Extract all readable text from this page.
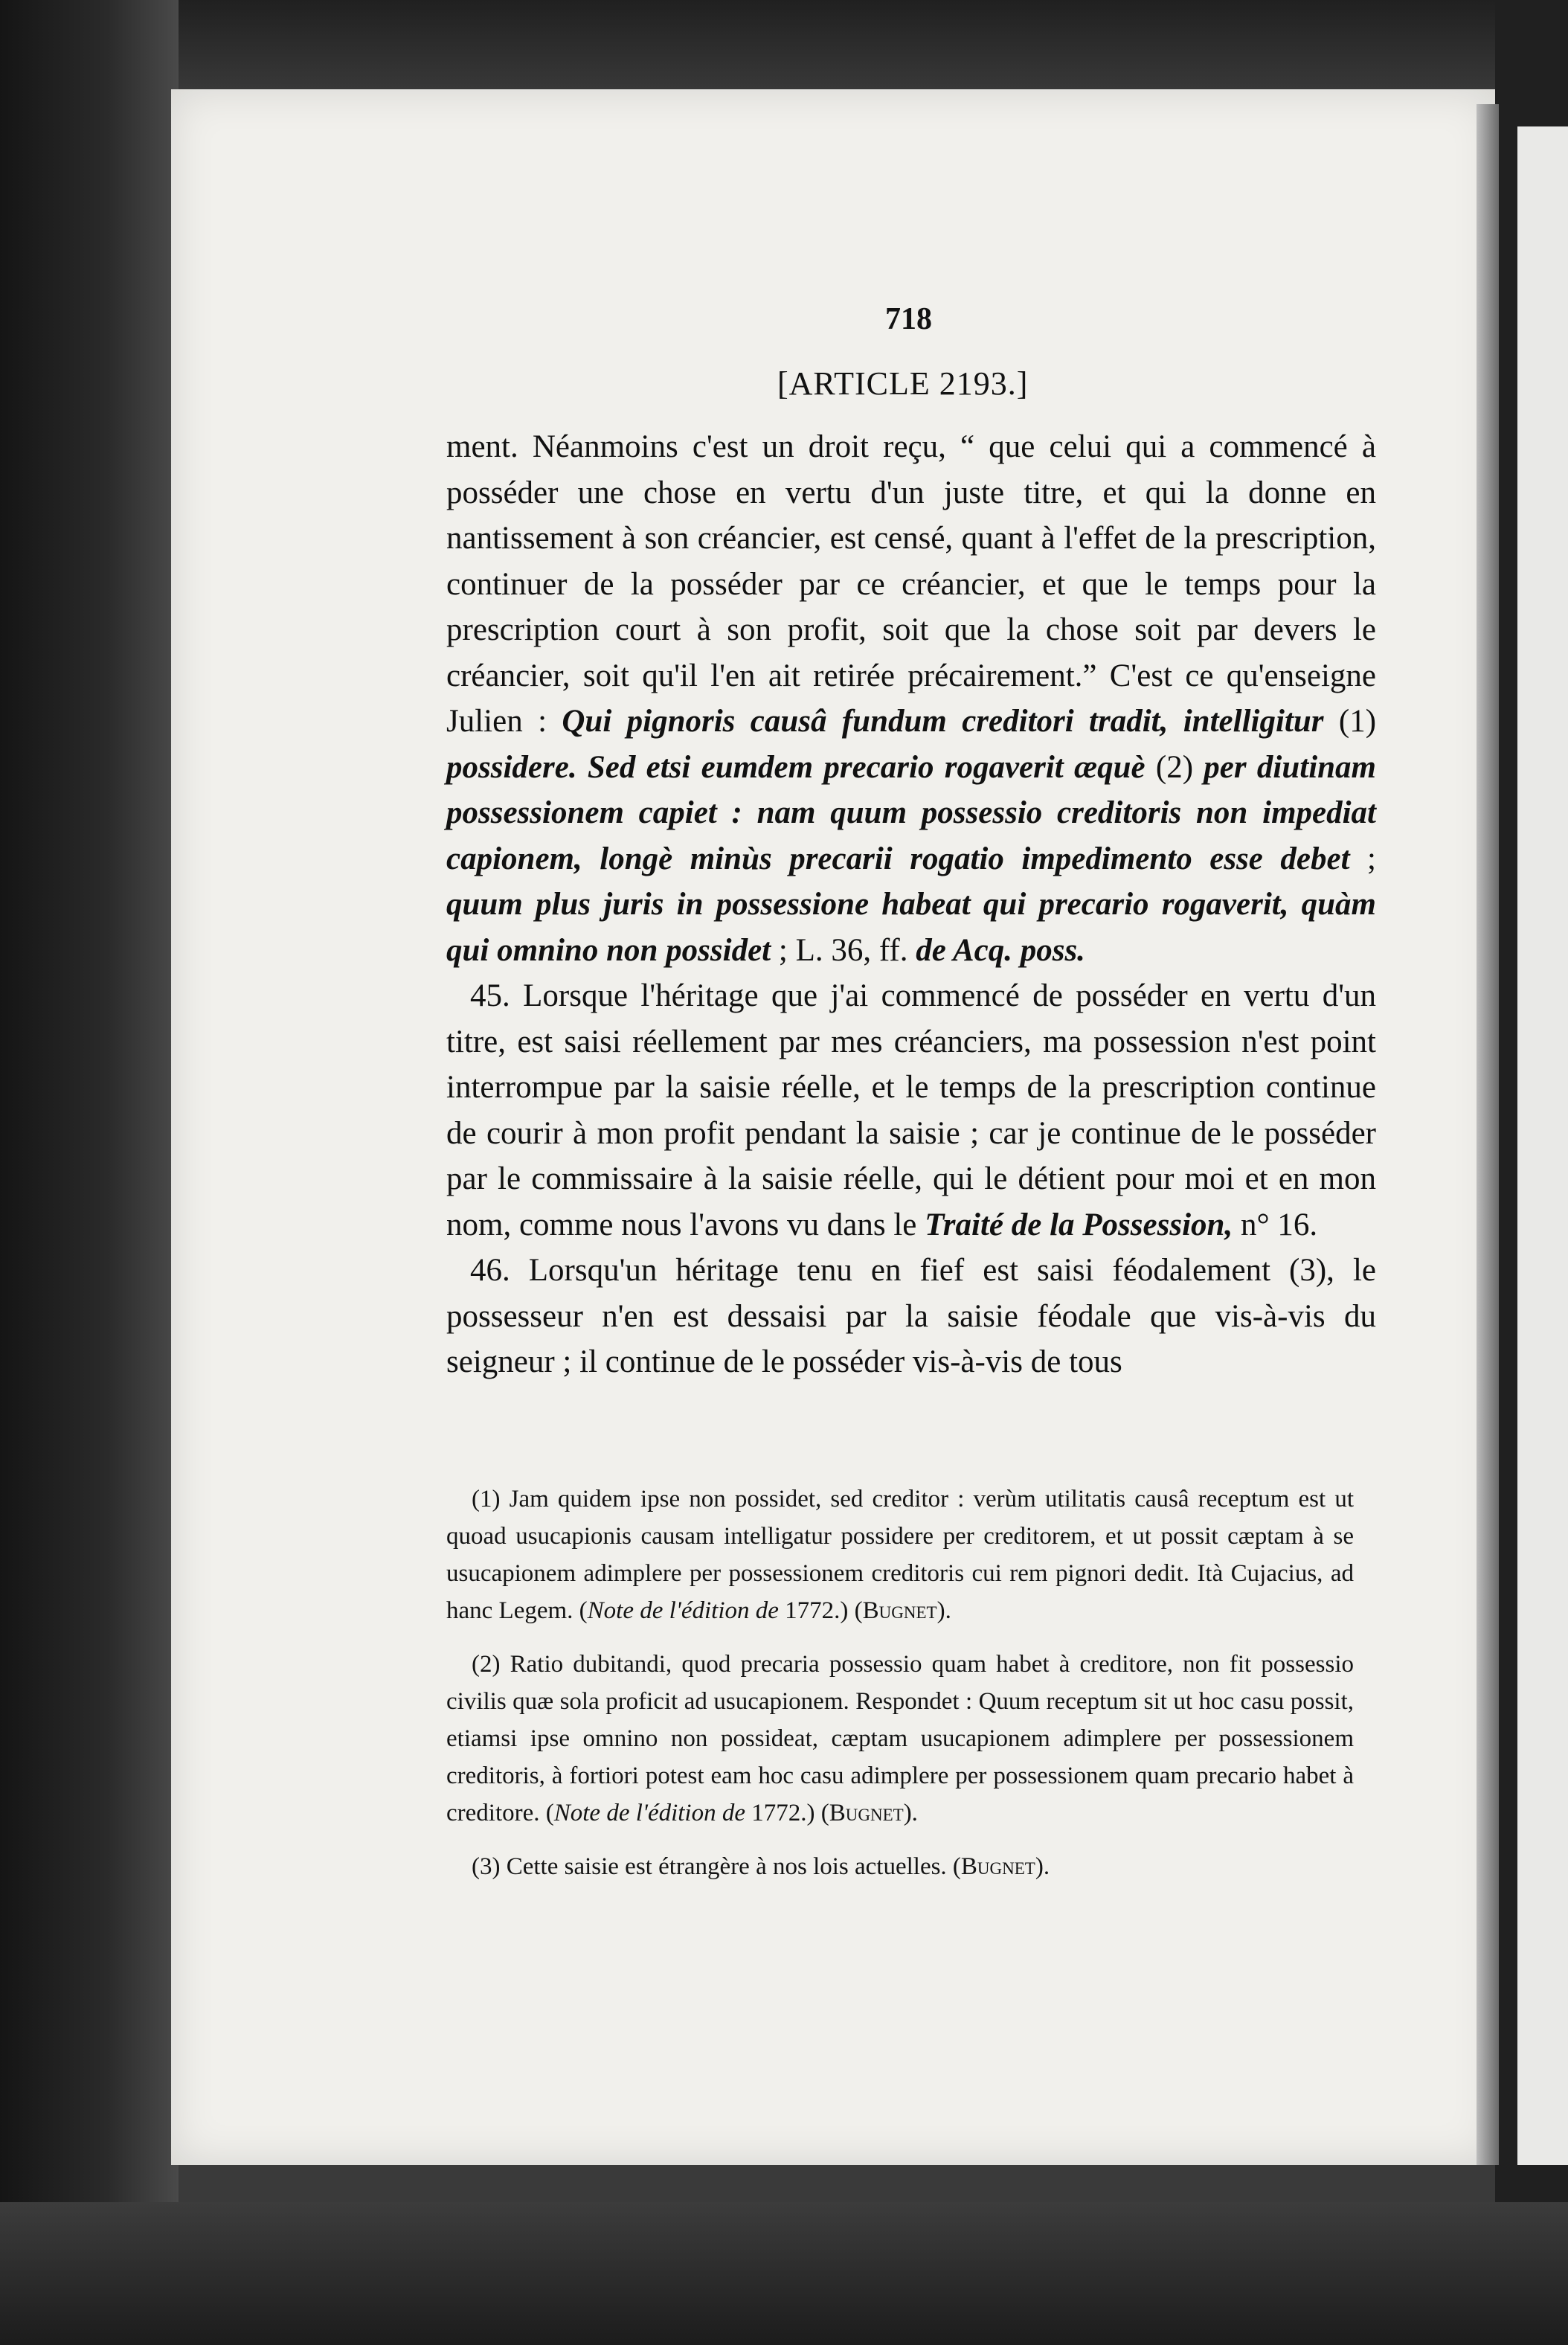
718
[ARTICLE 2193.]

ment. Néanmoins c'est un droit reçu, “ que celui qui a commencé à posséder une chose en vertu d'un juste titre, et qui la donne en nantissement à son créancier, est censé, quant à l'effet de la prescription, continuer de la posséder par ce créancier, et que le temps pour la prescription court à son profit, soit que la chose soit par devers le créancier, soit qu'il l'en ait retirée précairement.” C'est ce qu'enseigne Julien : Qui pignoris causâ fundum creditori tradit, intelligitur (1) possidere. Sed etsi eumdem precario rogaverit æquè (2) per diutinam possessionem capiet : nam quum possessio creditoris non impediat capionem, longè minùs precarii rogatio impedimento esse debet ; quum plus juris in possessione habeat qui precario rogaverit, quàm qui omnino non possidet ; L. 36, ff. de Acq. poss.

45. Lorsque l'héritage que j'ai commencé de posséder en vertu d'un titre, est saisi réellement par mes créanciers, ma possession n'est point interrompue par la saisie réelle, et le temps de la prescription continue de courir à mon profit pendant la saisie ; car je continue de le posséder par le commissaire à la saisie réelle, qui le détient pour moi et en mon nom, comme nous l'avons vu dans le Traité de la Possession, n° 16.

46. Lorsqu'un héritage tenu en fief est saisi féodalement (3), le possesseur n'en est dessaisi par la saisie féodale que vis-à-vis du seigneur ; il continue de le posséder vis-à-vis de tous

(1) Jam quidem ipse non possidet, sed creditor : verùm utilitatis causâ receptum est ut quoad usucapionis causam intelligatur possidere per creditorem, et ut possit cæptam à se usucapionem adimplere per possessionem creditoris cui rem pignori dedit. Ità Cujacius, ad hanc Legem. (Note de l'édition de 1772.) (Bugnet).

(2) Ratio dubitandi, quod precaria possessio quam habet à creditore, non fit possessio civilis quæ sola proficit ad usucapionem. Respondet : Quum receptum sit ut hoc casu possit, etiamsi ipse omnino non possideat, cæptam usucapionem adimplere per possessionem creditoris, à fortiori potest eam hoc casu adimplere per possessionem quam precario habet à creditore. (Note de l'édition de 1772.) (Bugnet).

(3) Cette saisie est étrangère à nos lois actuelles. (Bugnet).
